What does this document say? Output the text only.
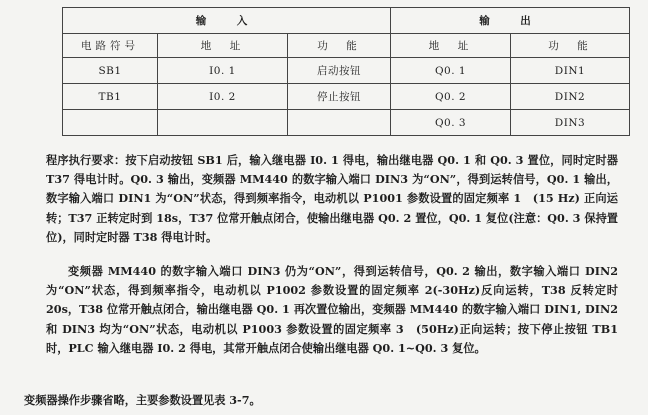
输　入			输　出	
电路符号	地　址	功　能	地　址	功　能
SB1	I0. 1	启动按钮	Q0. 1	DIN1
TB1	I0. 2	停止按钮	Q0. 2	DIN2
			Q0. 3	DIN3

程序执行要求：按下启动按钮 SB1 后，输入继电器 I0. 1 得电，输出继电器 Q0. 1 和 Q0. 3 置位，同时定时器 T37 得电计时。Q0. 3 输出，变频器 MM440 的数字输入端口 DIN3 为“ON”，得到运转信号，Q0. 1 输出，数字输入端口 DIN1 为“ON”状态，得到频率指令，电动机以 P1001 参数设置的固定频率 1　(15 Hz) 正向运转；T37 正转定时到 18s，T37 位常开触点闭合，使输出继电器 Q0. 2 置位，Q0. 1 复位(注意：Q0. 3 保持置位)，同时定时器 T38 得电计时。

变频器 MM440 的数字输入端口 DIN3 仍为“ON”，得到运转信号，Q0. 2 输出，数字输入端口 DIN2 为“ON”状态，得到频率指令，电动机以 P1002 参数设置的固定频率 2(-30Hz)反向运转，T38 反转定时 20s，T38 位常开触点闭合，输出继电器 Q0. 1 再次置位输出，变频器 MM440 的数字输入端口 DIN1, DIN2 和 DIN3 均为“ON”状态，电动机以 P1003 参数设置的固定频率 3　(50Hz)正向运转；按下停止按钮 TB1 时，PLC 输入继电器 I0. 2 得电，其常开触点闭合使输出继电器 Q0. 1~Q0. 3 复位。

变频器操作步骤省略，主要参数设置见表 3-7。
